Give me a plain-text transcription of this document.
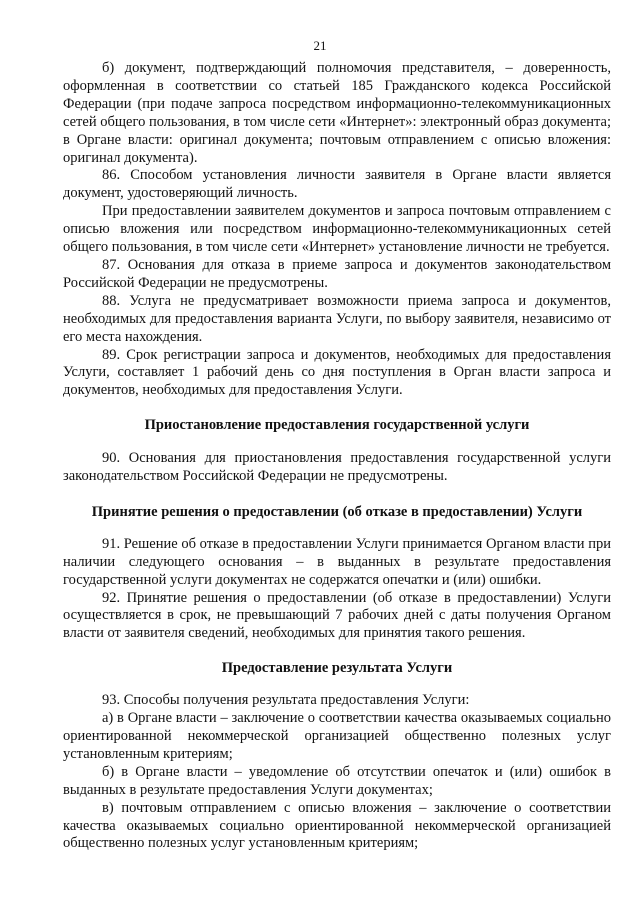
21

б) документ, подтверждающий полномочия представителя, – доверенность, оформленная в соответствии со статьей 185 Гражданского кодекса Российской Федерации (при подаче запроса посредством информационно-телекоммуникационных сетей общего пользования, в том числе сети «Интернет»: электронный образ документа; в Органе власти: оригинал документа; почтовым отправлением с описью вложения: оригинал документа).

86. Способом установления личности заявителя в Органе власти является документ, удостоверяющий личность.

При предоставлении заявителем документов и запроса почтовым отправлением с описью вложения или посредством информационно-телекоммуникационных сетей общего пользования, в том числе сети «Интернет» установление личности не требуется.

87. Основания для отказа в приеме запроса и документов законодательством Российской Федерации не предусмотрены.

88. Услуга не предусматривает возможности приема запроса и документов, необходимых для предоставления варианта Услуги, по выбору заявителя, независимо от его места нахождения.

89. Срок регистрации запроса и документов, необходимых для предоставления Услуги, составляет 1 рабочий день со дня поступления в Орган власти запроса и документов, необходимых для предоставления Услуги.

Приостановление предоставления государственной услуги

90. Основания для приостановления предоставления государственной услуги законодательством Российской Федерации не предусмотрены.

Принятие решения о предоставлении (об отказе в предоставлении) Услуги

91. Решение об отказе в предоставлении Услуги принимается Органом власти при наличии следующего основания – в выданных в результате предоставления государственной услуги документах не содержатся опечатки и (или) ошибки.

92. Принятие решения о предоставлении (об отказе в предоставлении) Услуги осуществляется в срок, не превышающий 7 рабочих дней с даты получения Органом власти от заявителя сведений, необходимых для принятия такого решения.

Предоставление результата Услуги

93. Способы получения результата предоставления Услуги:

а) в Органе власти – заключение о соответствии качества оказываемых социально ориентированной некоммерческой организацией общественно полезных услуг установленным критериям;

б) в Органе власти – уведомление об отсутствии опечаток и (или) ошибок в выданных в результате предоставления Услуги документах;

в) почтовым отправлением с описью вложения – заключение о соответствии качества оказываемых социально ориентированной некоммерческой организацией общественно полезных услуг установленным критериям;
